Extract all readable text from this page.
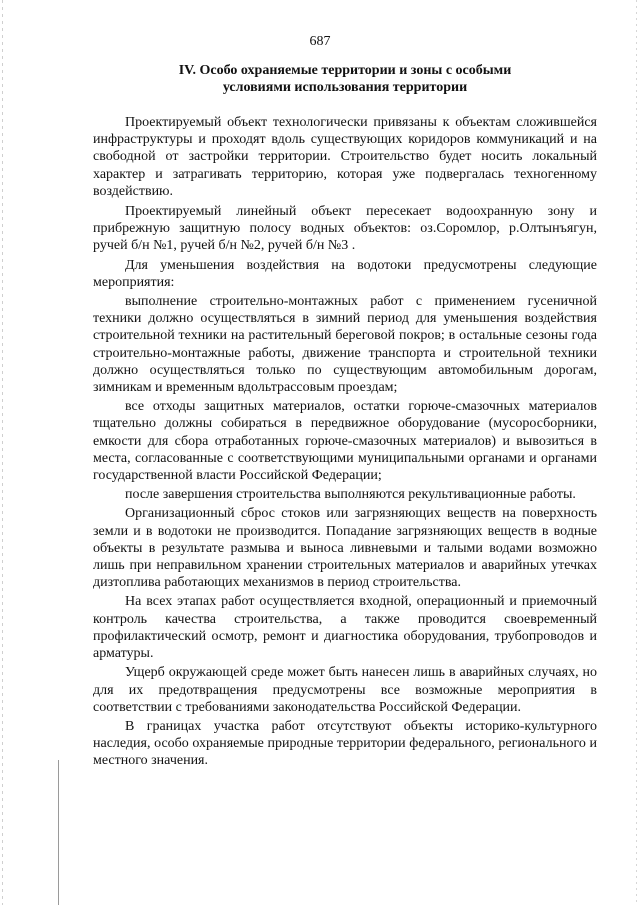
687
IV. Особо охраняемые территории и зоны с особыми
условиями использования территории

Проектируемый объект технологически привязаны к объектам сложившейся инфраструктуры и проходят вдоль существующих коридоров коммуникаций и на свободной от застройки территории. Строительство будет носить локальный характер и затрагивать территорию, которая уже подвергалась техногенному воздействию.

Проектируемый линейный объект пересекает водоохранную зону и прибрежную защитную полосу водных объектов: оз.Соромлор, р.Олтынъягун, ручей б/н №1, ручей б/н №2, ручей б/н №3 .

Для уменьшения воздействия на водотоки предусмотрены следующие мероприятия:

выполнение строительно-монтажных работ с применением гусеничной техники должно осуществляться в зимний период для уменьшения воздействия строительной техники на растительный береговой покров; в остальные сезоны года строительно-монтажные работы, движение транспорта и строительной техники должно осуществляться только по существующим автомобильным дорогам, зимникам и временным вдольтрассовым проездам;

все отходы защитных материалов, остатки горюче-смазочных материалов тщательно должны собираться в передвижное оборудование (мусоросборники, емкости для сбора отработанных горюче-смазочных материалов) и вывозиться в места, согласованные с соответствующими муниципальными органами и органами государственной власти Российской Федерации;

после завершения строительства выполняются рекультивационные работы.

Организационный сброс стоков или загрязняющих веществ на поверхность земли и в водотоки не производится. Попадание загрязняющих веществ в водные объекты в результате размыва и выноса ливневыми и талыми водами возможно лишь при неправильном хранении строительных материалов и аварийных утечках дизтоплива работающих механизмов в период строительства.

На всех этапах работ осуществляется входной, операционный и приемочный контроль качества строительства, а также проводится своевременный профилактический осмотр, ремонт и диагностика оборудования, трубопроводов и арматуры.

Ущерб окружающей среде может быть нанесен лишь в аварийных случаях, но для их предотвращения предусмотрены все возможные мероприятия в соответствии с требованиями законодательства Российской Федерации.

В границах участка работ отсутствуют объекты историко-культурного наследия, особо охраняемые природные территории федерального, регионального и местного значения.
